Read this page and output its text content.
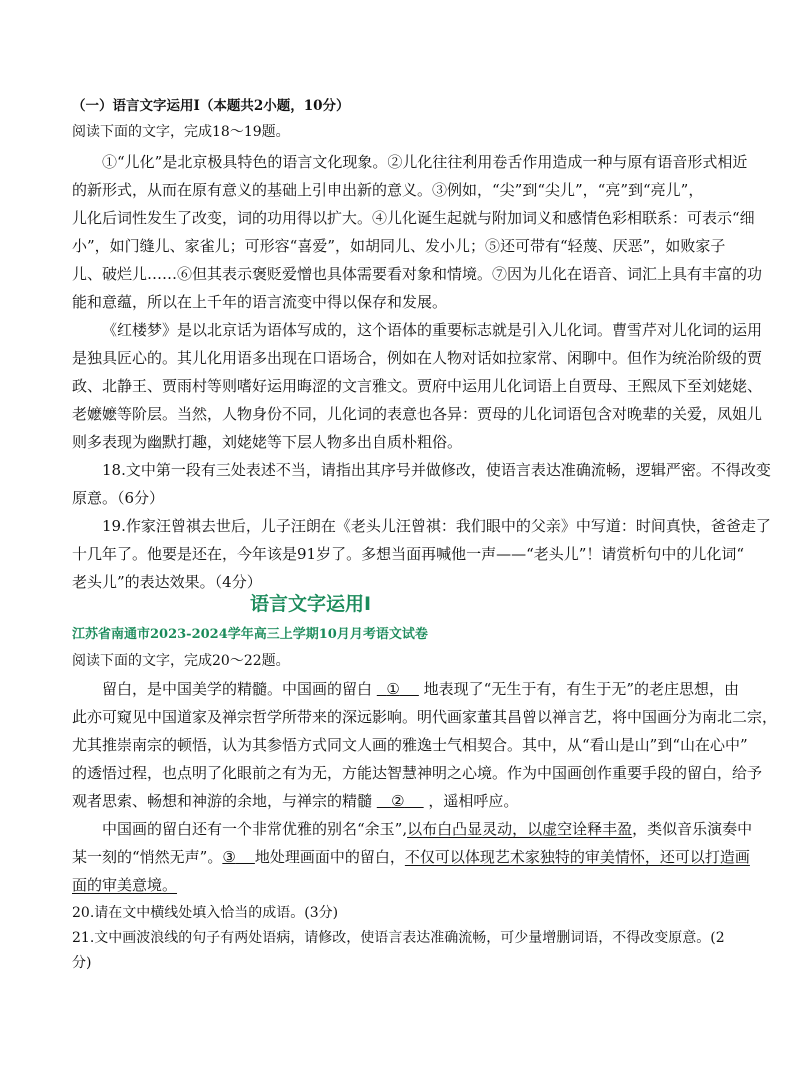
（一）语言文字运用Ⅰ（本题共2小题，10分）
阅读下面的文字，完成18～19题。
①“儿化”是北京极具特色的语言文化现象。②儿化往往利用卷舌作用造成一种与原有语音形式相近
的新形式，从而在原有意义的基础上引申出新的意义。③例如，“尖”到“尖儿”，“亮”到“亮儿”，
儿化后词性发生了改变，词的功用得以扩大。④儿化诞生起就与附加词义和感情色彩相联系：可表示“细
小”，如门缝儿、家雀儿；可形容“喜爱”，如胡同儿、发小儿；⑤还可带有“轻蔑、厌恶”，如败家子
儿、破烂儿……⑥但其表示褒贬爱憎也具体需要看对象和情境。⑦因为儿化在语音、词汇上具有丰富的功
能和意蕴，所以在上千年的语言流变中得以保存和发展。
《红楼梦》是以北京话为语体写成的，这个语体的重要标志就是引入儿化词。曹雪芹对儿化词的运用
是独具匠心的。其儿化用语多出现在口语场合，例如在人物对话如拉家常、闲聊中。但作为统治阶级的贾
政、北静王、贾雨村等则嗜好运用晦涩的文言雅文。贾府中运用儿化词语上自贾母、王熙凤下至刘姥姥、
老嬷嬷等阶层。当然，人物身份不同，儿化词的表意也各异：贾母的儿化词语包含对晚辈的关爱，凤姐儿
则多表现为幽默打趣，刘姥姥等下层人物多出自质朴粗俗。
18.文中第一段有三处表述不当，请指出其序号并做修改，使语言表达准确流畅，逻辑严密。不得改变
原意。（6分）
19.作家汪曾祺去世后，儿子汪朗在《老头儿汪曾祺：我们眼中的父亲》中写道：时间真快，爸爸走了
十几年了。他要是还在，今年该是91岁了。多想当面再喊他一声——“老头儿”！请赏析句中的儿化词“
老头儿”的表达效果。（4分）
语言文字运用Ⅰ
江苏省南通市2023-2024学年高三上学期10月月考语文试卷
阅读下面的文字，完成20～22题。
留白，是中国美学的精髓。中国画的留白 ① 地表现了“无生于有，有生于无”的老庄思想，由
此亦可窥见中国道家及禅宗哲学所带来的深远影响。明代画家董其昌曾以禅言艺，将中国画分为南北二宗，
尤其推崇南宗的顿悟，认为其参悟方式同文人画的雅逸士气相契合。其中，从“看山是山”到“山在心中”
的透悟过程，也点明了化眼前之有为无，方能达智慧神明之心境。作为中国画创作重要手段的留白，给予
观者思索、畅想和神游的余地，与禅宗的精髓 ② ，遥相呼应。
中国画的留白还有一个非常优雅的别名“余玉”,以布白凸显灵动，以虚空诠释丰盈，类似音乐演奏中
某一刻的“悄然无声”。③ 地处理画面中的留白，不仅可以体现艺术家独特的审美情怀，还可以打造画
面的审美意境。
20.请在文中横线处填入恰当的成语。(3分)
21.文中画波浪线的句子有两处语病，请修改，使语言表达准确流畅，可少量增删词语，不得改变原意。(2
分)
